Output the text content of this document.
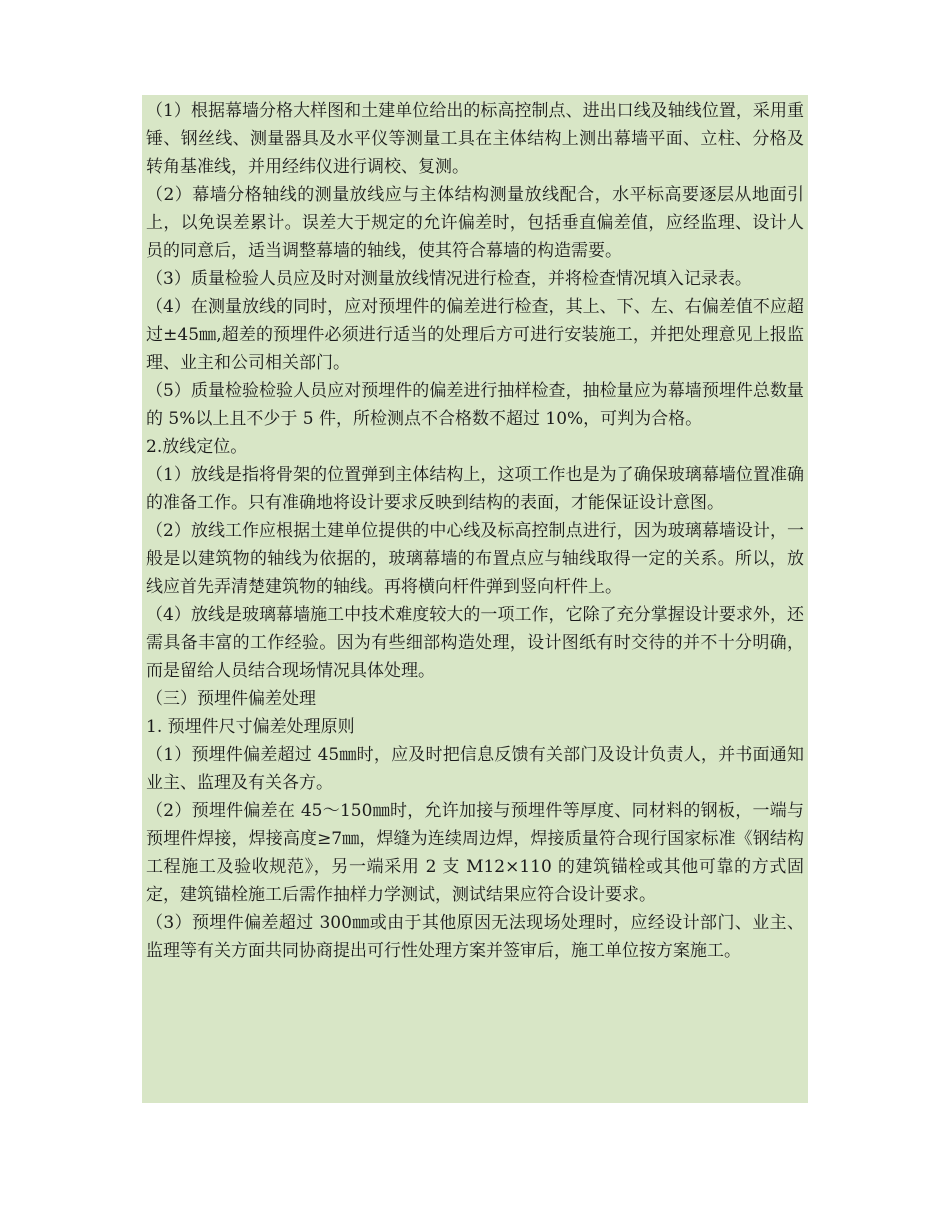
（1）根据幕墙分格大样图和土建单位给出的标高控制点、进出口线及轴线位置，采用重锤、钢丝线、测量器具及水平仪等测量工具在主体结构上测出幕墙平面、立柱、分格及转角基准线，并用经纬仪进行调校、复测。

（2）幕墙分格轴线的测量放线应与主体结构测量放线配合，水平标高要逐层从地面引上，以免误差累计。误差大于规定的允许偏差时，包括垂直偏差值，应经监理、设计人员的同意后，适当调整幕墙的轴线，使其符合幕墙的构造需要。

（3）质量检验人员应及时对测量放线情况进行检查，并将检查情况填入记录表。

（4）在测量放线的同时，应对预埋件的偏差进行检查，其上、下、左、右偏差值不应超过±45㎜,超差的预埋件必须进行适当的处理后方可进行安装施工，并把处理意见上报监理、业主和公司相关部门。

（5）质量检验检验人员应对预埋件的偏差进行抽样检查，抽检量应为幕墙预埋件总数量的 5%以上且不少于 5 件，所检测点不合格数不超过 10%，可判为合格。

2.放线定位。

（1）放线是指将骨架的位置弹到主体结构上，这项工作也是为了确保玻璃幕墙位置准确的准备工作。只有准确地将设计要求反映到结构的表面，才能保证设计意图。

（2）放线工作应根据土建单位提供的中心线及标高控制点进行，因为玻璃幕墙设计，一般是以建筑物的轴线为依据的，玻璃幕墙的布置点应与轴线取得一定的关系。所以，放线应首先弄清楚建筑物的轴线。再将横向杆件弹到竖向杆件上。

（4）放线是玻璃幕墙施工中技术难度较大的一项工作，它除了充分掌握设计要求外，还需具备丰富的工作经验。因为有些细部构造处理，设计图纸有时交待的并不十分明确，而是留给人员结合现场情况具体处理。

（三）预埋件偏差处理

1. 预埋件尺寸偏差处理原则

（1）预埋件偏差超过 45㎜时，应及时把信息反馈有关部门及设计负责人，并书面通知业主、监理及有关各方。

（2）预埋件偏差在 45～150㎜时，允许加接与预埋件等厚度、同材料的钢板，一端与预埋件焊接，焊接高度≥7㎜，焊缝为连续周边焊，焊接质量符合现行国家标准《钢结构工程施工及验收规范》，另一端采用 2 支 M12×110 的建筑锚栓或其他可靠的方式固定，建筑锚栓施工后需作抽样力学测试，测试结果应符合设计要求。

（3）预埋件偏差超过 300㎜或由于其他原因无法现场处理时，应经设计部门、业主、监理等有关方面共同协商提出可行性处理方案并签审后，施工单位按方案施工。
